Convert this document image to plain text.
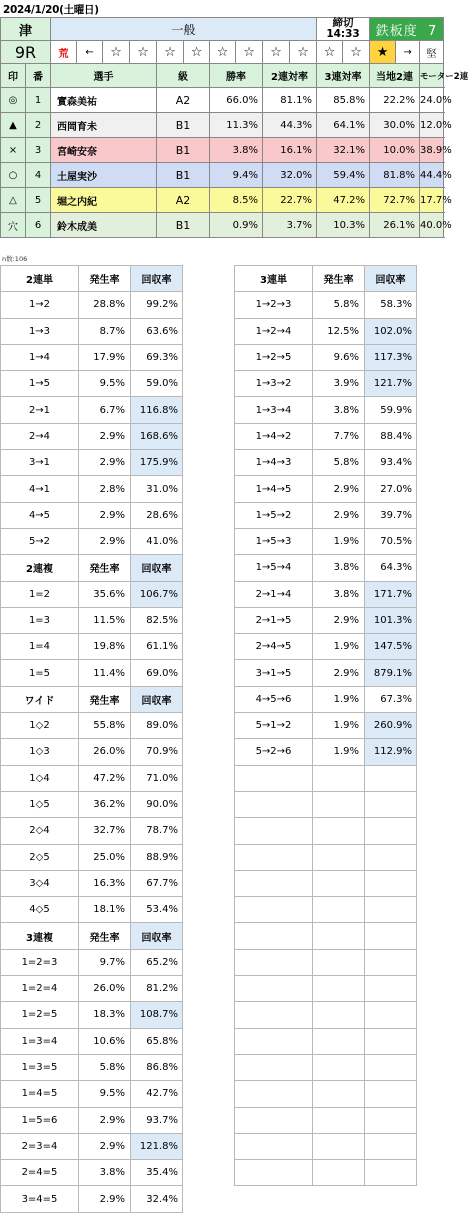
2024/1/20(土曜日)
津		一般										締切
14:33		鉄板度 7		
9R		荒	←	☆	☆	☆	☆	☆	☆	☆	☆	☆	☆	★	→	堅
印	番	選手				級		勝率		2連対率		3連対率		当地2連		モーター2連
◎	1	實森美祐				A2		66.0%		81.1%		85.8%		22.2%		24.0%
▲	2	西岡育未				B1		11.3%		44.3%		64.1%		30.0%		12.0%
×	3	宮崎安奈				B1		3.8%		16.1%		32.1%		10.0%		38.9%
○	4	土屋実沙				B1		9.4%		32.0%		59.4%		81.8%		44.4%
△	5	堀之内紀				A2		8.5%		22.7%		47.2%		72.7%		17.7%
穴	6	鈴木成美				B1		0.9%		3.7%		10.3%		26.1%		40.0%
n数:106
2連単	発生率	回収率
1→2	28.8%	99.2%
1→3	8.7%	63.6%
1→4	17.9%	69.3%
1→5	9.5%	59.0%
2→1	6.7%	116.8%
2→4	2.9%	168.6%
3→1	2.9%	175.9%
4→1	2.8%	31.0%
4→5	2.9%	28.6%
5→2	2.9%	41.0%
2連複	発生率	回収率
1=2	35.6%	106.7%
1=3	11.5%	82.5%
1=4	19.8%	61.1%
1=5	11.4%	69.0%
ワイド	発生率	回収率
1◇2	55.8%	89.0%
1◇3	26.0%	70.9%
1◇4	47.2%	71.0%
1◇5	36.2%	90.0%
2◇4	32.7%	78.7%
2◇5	25.0%	88.9%
3◇4	16.3%	67.7%
4◇5	18.1%	53.4%
3連複	発生率	回収率
1=2=3	9.7%	65.2%
1=2=4	26.0%	81.2%
1=2=5	18.3%	108.7%
1=3=4	10.6%	65.8%
1=3=5	5.8%	86.8%
1=4=5	9.5%	42.7%
1=5=6	2.9%	93.7%
2=3=4	2.9%	121.8%
2=4=5	3.8%	35.4%
3=4=5	2.9%	32.4%
3連単	発生率	回収率
1→2→3	5.8%	58.3%
1→2→4	12.5%	102.0%
1→2→5	9.6%	117.3%
1→3→2	3.9%	121.7%
1→3→4	3.8%	59.9%
1→4→2	7.7%	88.4%
1→4→3	5.8%	93.4%
1→4→5	2.9%	27.0%
1→5→2	2.9%	39.7%
1→5→3	1.9%	70.5%
1→5→4	3.8%	64.3%
2→1→4	3.8%	171.7%
2→1→5	2.9%	101.3%
2→4→5	1.9%	147.5%
3→1→5	2.9%	879.1%
4→5→6	1.9%	67.3%
5→1→2	1.9%	260.9%
5→2→6	1.9%	112.9%
